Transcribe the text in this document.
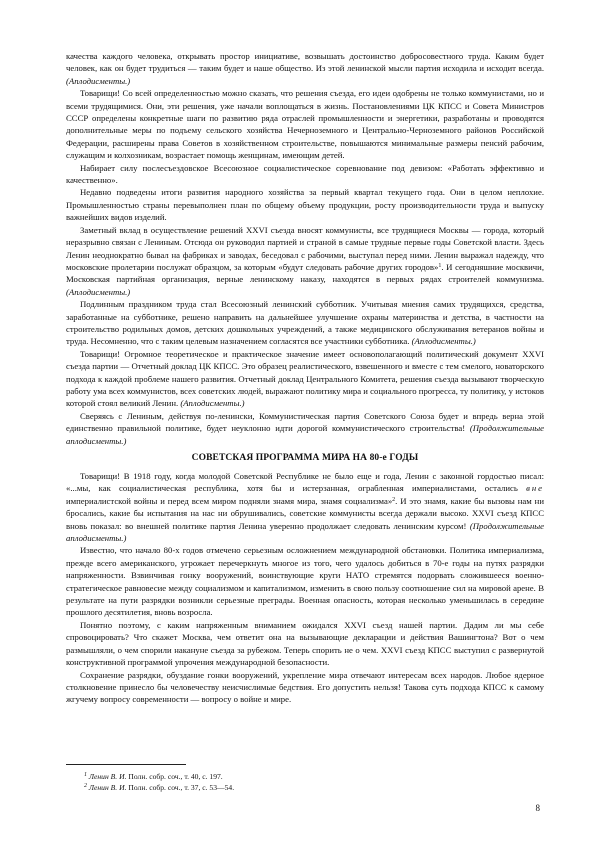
качества каждого человека, открывать простор инициативе, возвышать достоинство добросовестного труда. Каким будет человек, как он будет трудиться — таким будет и наше общество. Из этой ленинской мысли партия исходила и исходит всегда. (Аплодисменты.)

Товарищи! Со всей определенностью можно сказать, что решения съезда, его идеи одобрены не только коммунистами, но и всеми трудящимися. Они, эти решения, уже начали воплощаться в жизнь. Постановлениями ЦК КПСС и Совета Министров СССР определены конкретные шаги по развитию ряда отраслей промышленности и энергетики, разработаны и проводятся дополнительные меры по подъему сельского хозяйства Нечерноземного и Центрально-Черноземного районов Российской Федерации, расширены права Советов в хозяйственном строительстве, повышаются минимальные размеры пенсий рабочим, служащим и колхозникам, возрастает помощь женщинам, имеющим детей.

Набирает силу послесъездовское Всесоюзное социалистическое соревнование под девизом: «Работать эффективно и качественно».

Недавно подведены итоги развития народного хозяйства за первый квартал текущего года. Они в целом неплохие. Промышленностью страны перевыполнен план по общему объему продукции, росту производительности труда и выпуску важнейших видов изделий.

Заметный вклад в осуществление решений XXVI съезда вносят коммунисты, все трудящиеся Москвы — города, который неразрывно связан с Лениным. Отсюда он руководил партией и страной в самые трудные первые годы Советской власти. Здесь Ленин неоднократно бывал на фабриках и заводах, беседовал с рабочими, выступал перед ними. Ленин выражал надежду, что московские пролетарии послужат образцом, за которым «будут следовать рабочие других городов»$^1$. И сегодняшние москвичи, Московская партийная организация, верные ленинскому наказу, находятся в первых рядах строителей коммунизма. (Аплодисменты.)

Подлинным праздником труда стал Всесоюзный ленинский субботник. Учитывая мнения самих трудящихся, средства, заработанные на субботнике, решено направить на дальнейшее улучшение охраны материнства и детства, в частности на строительство родильных домов, детских дошкольных учреждений, а также медицинского обслуживания ветеранов войны и труда. Несомненно, что с таким целевым назначением согласятся все участники субботника. (Аплодисменты.)

Товарищи! Огромное теоретическое и практическое значение имеет основополагающий политический документ XXVI съезда партии — Отчетный доклад ЦК КПСС. Это образец реалистического, взвешенного и вместе с тем смелого, новаторского подхода к каждой проблеме нашего развития. Отчетный доклад Центрального Комитета, решения съезда вызывают творческую работу ума всех коммунистов, всех советских людей, выражают политику мира и социального прогресса, ту политику, у истоков которой стоял великий Ленин. (Аплодисменты.)

Сверяясь с Лениным, действуя по-ленински, Коммунистическая партия Советского Союза будет и впредь верна этой единственно правильной политике, будет неуклонно идти дорогой коммунистического строительства! (Продолжительные аплодисменты.)

СОВЕТСКАЯ ПРОГРАММА МИРА НА 80-е ГОДЫ

Товарищи! В 1918 году, когда молодой Советской Республике не было еще и года, Ленин с законной гордостью писал: «...мы, как социалистическая республика, хотя бы и истерзанная, ограбленная империалистами, остались вне империалистской войны и перед всем миром подняли знамя мира, знамя социализма»$^2$. И это знамя, какие бы вызовы нам ни бросались, какие бы испытания на нас ни обрушивались, советские коммунисты всегда держали высоко. XXVI съезд КПСС вновь показал: во внешней политике партия Ленина уверенно продолжает следовать ленинским курсом! (Продолжительные аплодисменты.)

Известно, что начало 80-х годов отмечено серьезным осложнением международной обстановки. Политика империализма, прежде всего американского, угрожает перечеркнуть многое из того, чего удалось добиться в 70-е годы на путях разрядки напряженности. Взвинчивая гонку вооружений, воинствующие круги НАТО стремятся подорвать сложившееся военно-стратегическое равновесие между социализмом и капитализмом, изменить в свою пользу соотношение сил на мировой арене. В результате на пути разрядки возникли серьезные преграды. Военная опасность, которая несколько уменьшилась в середине прошлого десятилетия, вновь возросла.

Понятно поэтому, с каким напряженным вниманием ожидался XXVI съезд нашей партии. Дадим ли мы себе спровоцировать? Что скажет Москва, чем ответит она на вызывающие декларации и действия Вашингтона? Вот о чем размышляли, о чем спорили накануне съезда за рубежом. Теперь спорить не о чем. XXVI съезд КПСС выступил с развернутой конструктивной программой упрочения международной безопасности.

Сохранение разрядки, обуздание гонки вооружений, укрепление мира отвечают интересам всех народов. Любое ядерное столкновение принесло бы человечеству неисчислимые бедствия. Его допустить нельзя! Такова суть подхода КПСС к самому жгучему вопросу современности — вопросу о войне и мире.

$^1$ Ленин В. И. Полн. собр. соч., т. 40, с. 197.
$^2$ Ленин В. И. Полн. собр. соч., т. 37, с. 53—54.
8
